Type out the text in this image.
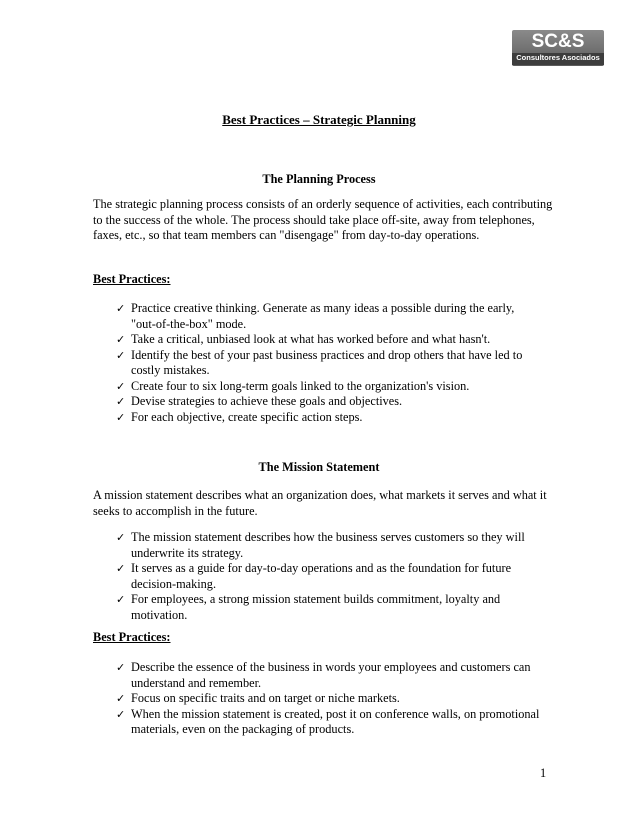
SC&S
Consultores Asociados
Best Practices – Strategic Planning
The Planning Process
The strategic planning process consists of an orderly sequence of activities, each contributing to the success of the whole. The process should take place off-site, away from telephones, faxes, etc., so that team members can "disengage" from day-to-day operations.
Best Practices:
✓ Practice creative thinking. Generate as many ideas a possible during the early, "out-of-the-box" mode.
✓ Take a critical, unbiased look at what has worked before and what hasn't.
✓ Identify the best of your past business practices and drop others that have led to costly mistakes.
✓ Create four to six long-term goals linked to the organization's vision.
✓ Devise strategies to achieve these goals and objectives.
✓ For each objective, create specific action steps.
The Mission Statement
A mission statement describes what an organization does, what markets it serves and what it seeks to accomplish in the future.
✓ The mission statement describes how the business serves customers so they will underwrite its strategy.
✓ It serves as a guide for day-to-day operations and as the foundation for future decision-making.
✓ For employees, a strong mission statement builds commitment, loyalty and motivation.
Best Practices:
✓ Describe the essence of the business in words your employees and customers can understand and remember.
✓ Focus on specific traits and on target or niche markets.
✓ When the mission statement is created, post it on conference walls, on promotional materials, even on the packaging of products.
1
